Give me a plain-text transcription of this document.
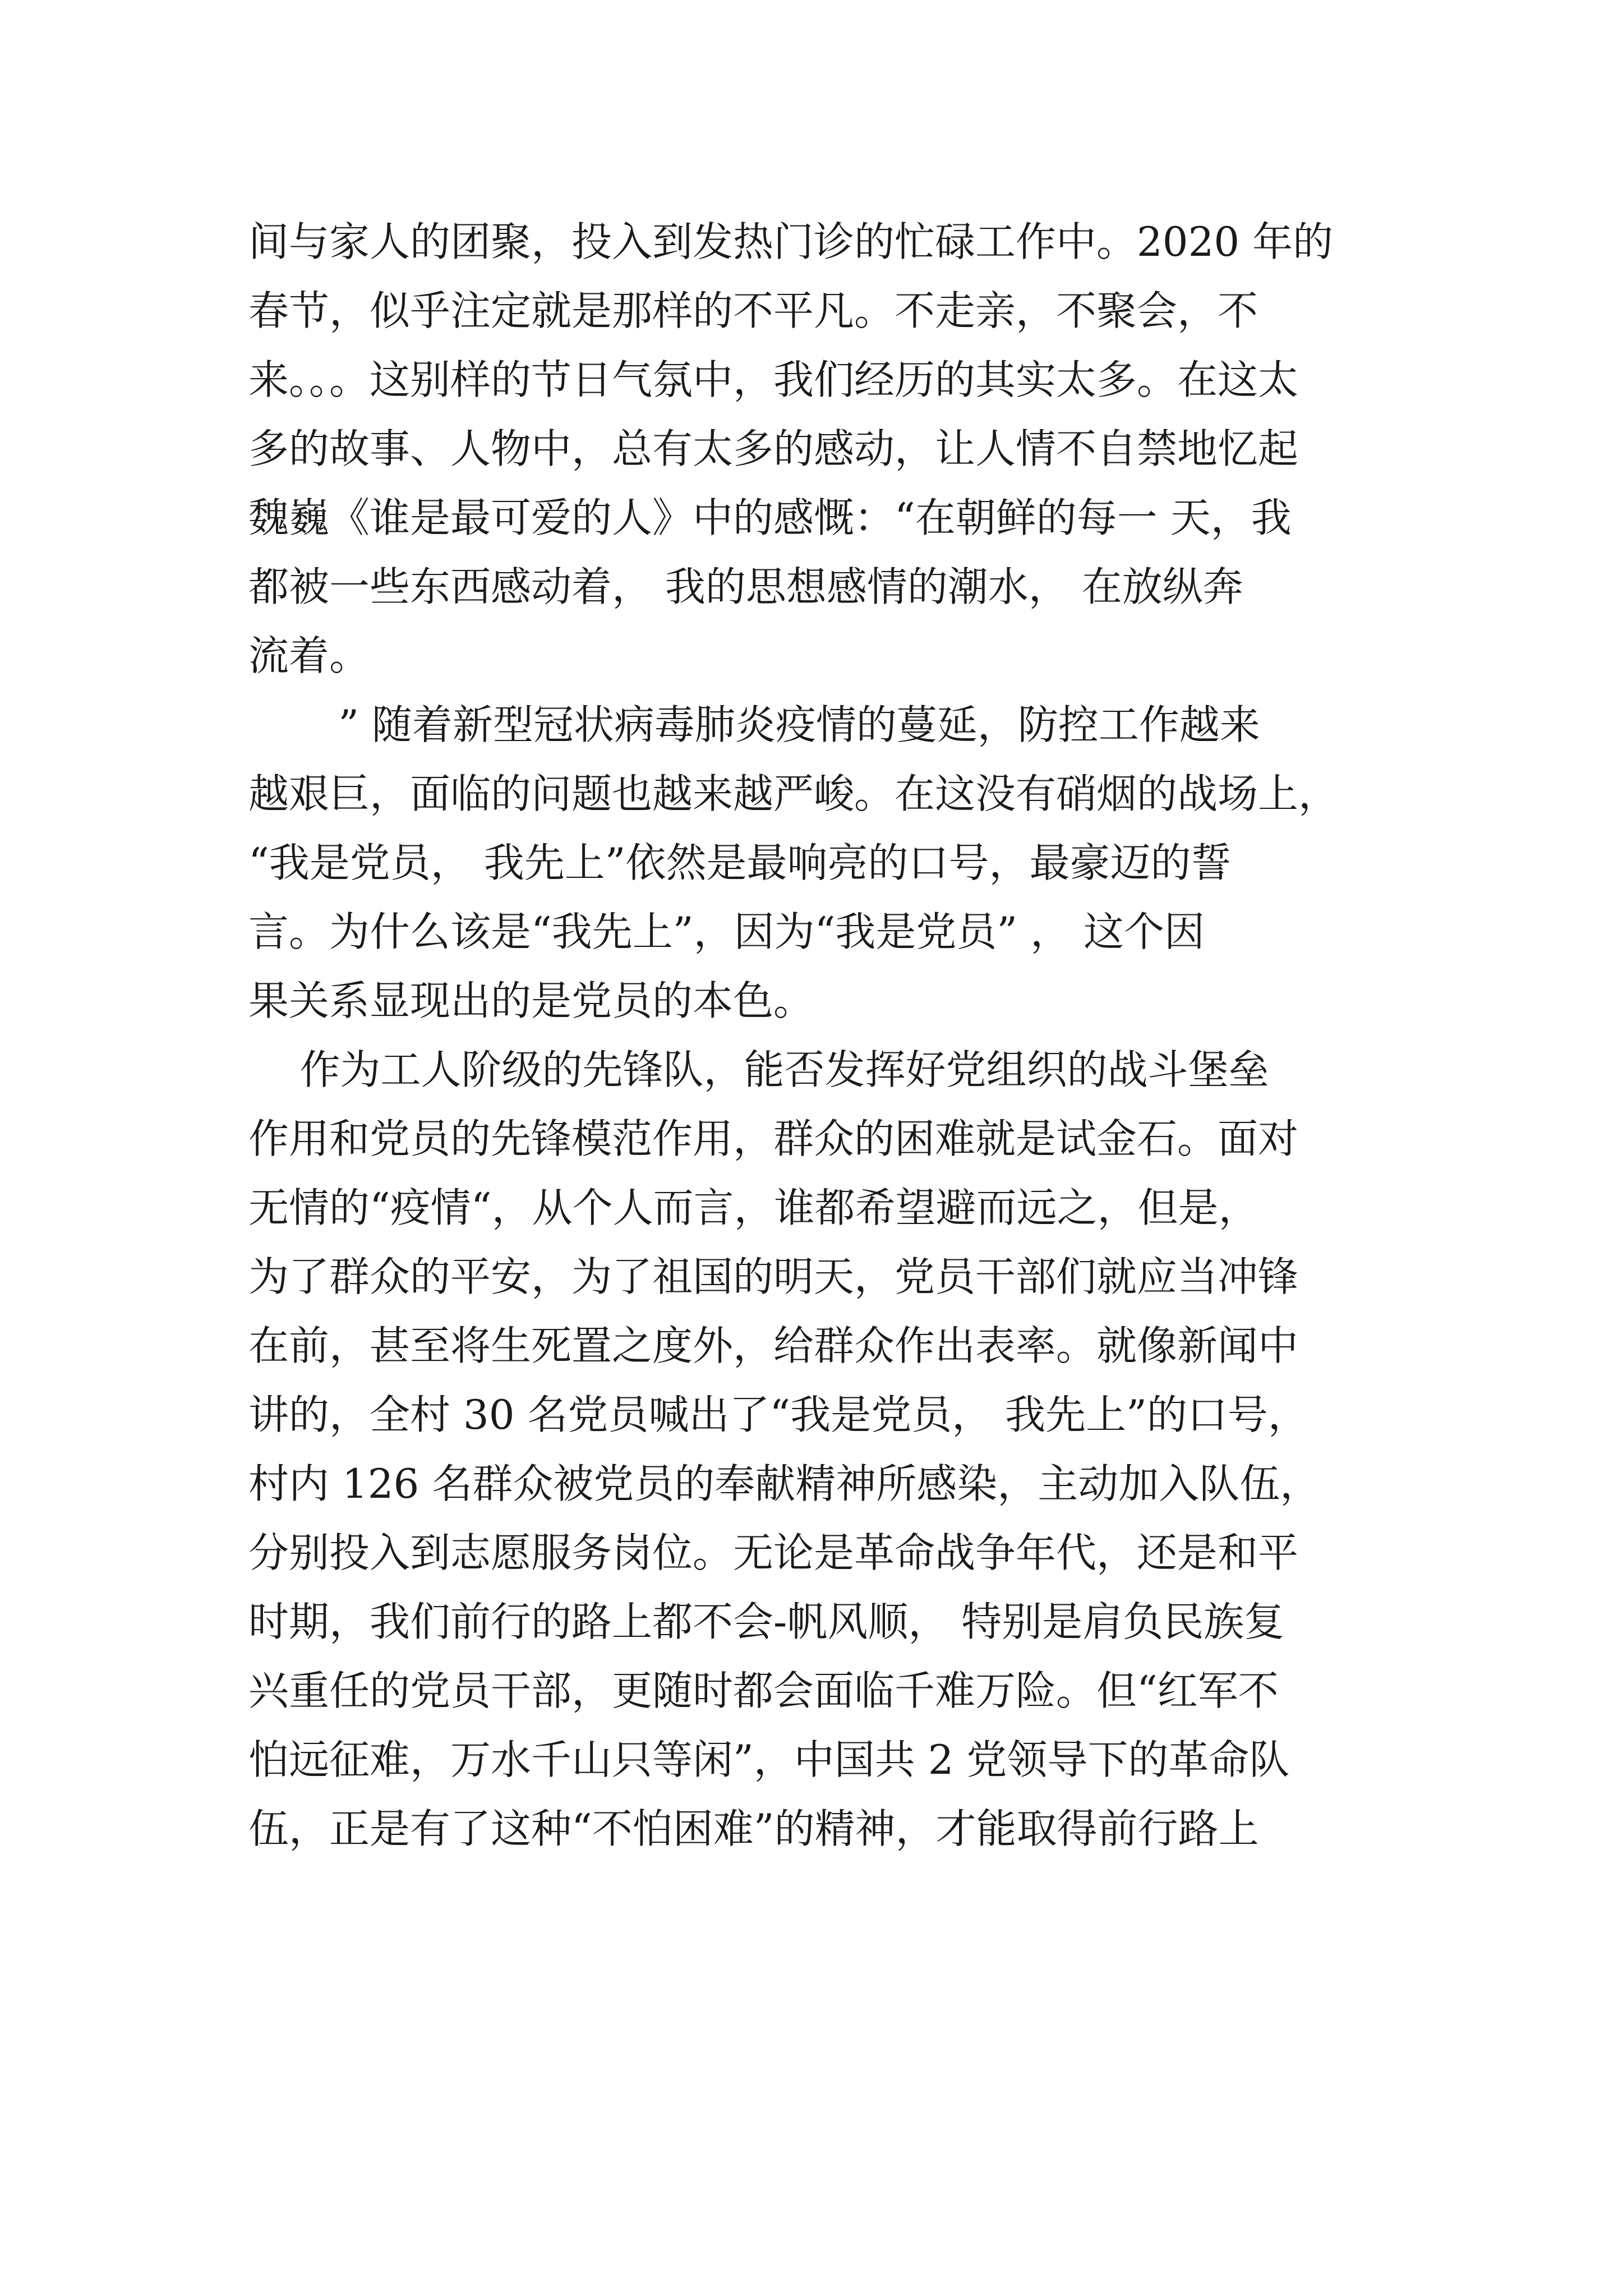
间与家人的团聚，投入到发热门诊的忙碌工作中。2020 年的
春节，似乎注定就是那样的不平凡。不走亲，不聚会，不
来。。。这别样的节日气氛中，我们经历的其实太多。在这太
多的故事、人物中，总有太多的感动，让人情不自禁地忆起
魏巍《谁是最可爱的人》中的感慨：“在朝鲜的每一 天，我
都被一些东西感动着， 我的思想感情的潮水， 在放纵奔
流着。
” 随着新型冠状病毒肺炎疫情的蔓延，防控工作越来
越艰巨，面临的问题也越来越严峻。在这没有硝烟的战场上，
“我是党员， 我先上”依然是最响亮的口号，最豪迈的誓
言。为什么该是“我先上”，因为“我是党员” ， 这个因
果关系显现出的是党员的本色。
作为工人阶级的先锋队，能否发挥好党组织的战斗堡垒
作用和党员的先锋模范作用，群众的困难就是试金石。面对
无情的“疫情“，从个人而言，谁都希望避而远之，但是，
为了群众的平安，为了祖国的明天，党员干部们就应当冲锋
在前，甚至将生死置之度外，给群众作出表率。就像新闻中
讲的，全村 30 名党员喊出了“我是党员， 我先上”的口号，
村内 126 名群众被党员的奉献精神所感染，主动加入队伍，
分别投入到志愿服务岗位。无论是革命战争年代，还是和平
时期，我们前行的路上都不会-帆风顺， 特别是肩负民族复
兴重任的党员干部，更随时都会面临千难万险。但“红军不
怕远征难，万水千山只等闲”，中国共 2 党领导下的革命队
伍，正是有了这种“不怕困难”的精神，才能取得前行路上
